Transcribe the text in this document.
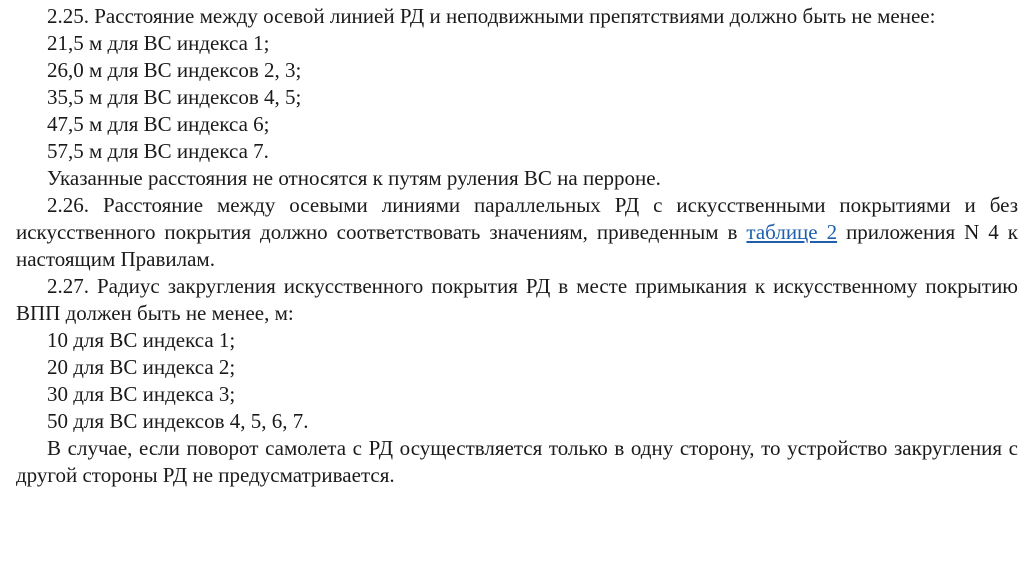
2.25. Расстояние между осевой линией РД и неподвижными препятствиями должно быть не менее:

21,5 м для ВС индекса 1;

26,0 м для ВС индексов 2, 3;

35,5 м для ВС индексов 4, 5;

47,5 м для ВС индекса 6;

57,5 м для ВС индекса 7.

Указанные расстояния не относятся к путям руления ВС на перроне.

2.26. Расстояние между осевыми линиями параллельных РД с искусственными покрытиями и без искусственного покрытия должно соответствовать значениям, приведенным в таблице 2 приложения N 4 к настоящим Правилам.

2.27. Радиус закругления искусственного покрытия РД в месте примыкания к искусственному покрытию ВПП должен быть не менее, м:

10 для ВС индекса 1;

20 для ВС индекса 2;

30 для ВС индекса 3;

50 для ВС индексов 4, 5, 6, 7.

В случае, если поворот самолета с РД осуществляется только в одну сторону, то устройство закругления с другой стороны РД не предусматривается.
